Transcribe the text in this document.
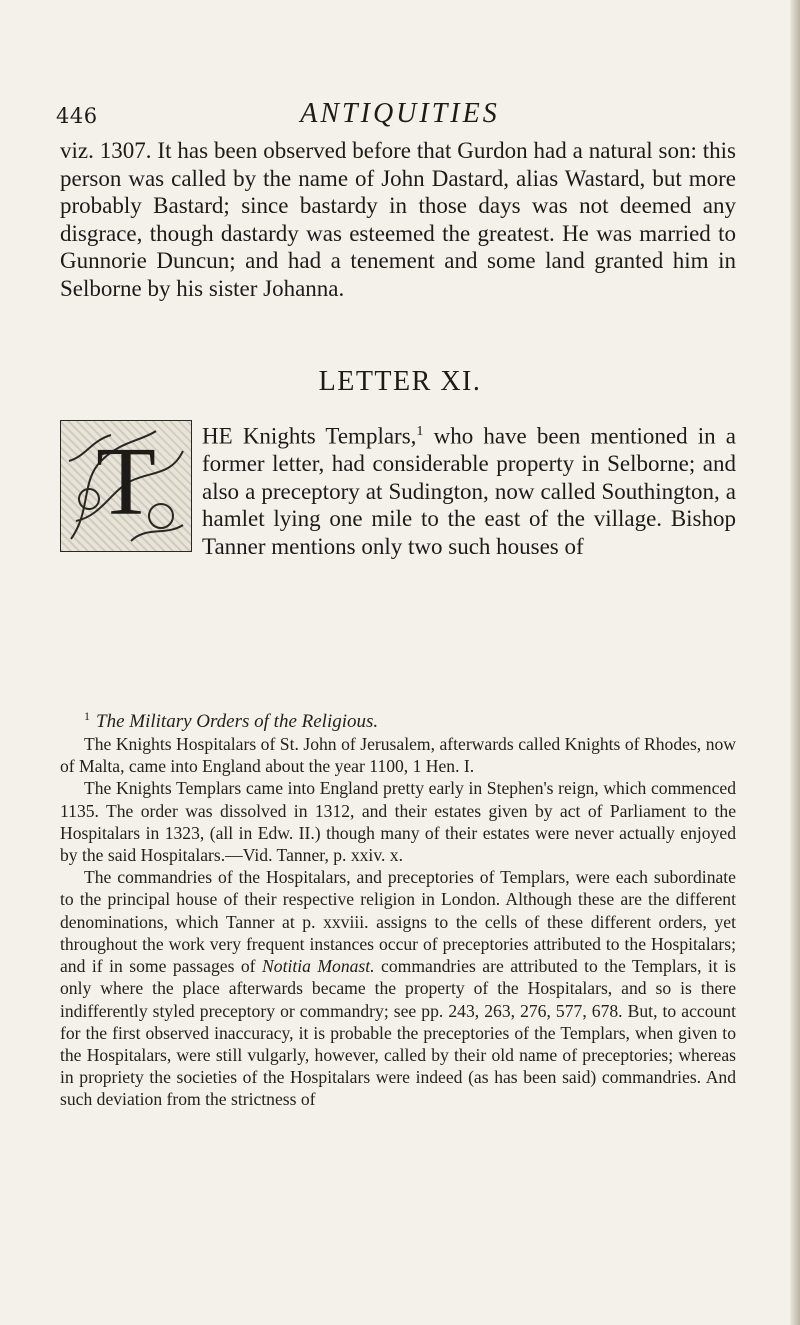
446	ANTIQUITIES

viz. 1307. It has been observed before that Gurdon had a natural son: this person was called by the name of John Dastard, alias Wastard, but more probably Bastard; since bastardy in those days was not deemed any disgrace, though dastardy was esteemed the greatest. He was married to Gunnorie Duncun; and had a tenement and some land granted him in Selborne by his sister Johanna.

LETTER XI.
T	HE Knights Templars,$^1$ who have been mentioned in a former letter, had considerable property in Selborne; and also a preceptory at Sudington, now called Southington, a hamlet lying one mile to the east of the village. Bishop Tanner mentions only two such houses of
$^1$ The Military Orders of the Religious.
The Knights Hospitalars of St. John of Jerusalem, afterwards called Knights of Rhodes, now of Malta, came into England about the year 1100, 1 Hen. I.
The Knights Templars came into England pretty early in Stephen's reign, which commenced 1135. The order was dissolved in 1312, and their estates given by act of Parliament to the Hospitalars in 1323, (all in Edw. II.) though many of their estates were never actually enjoyed by the said Hospitalars.—Vid. Tanner, p. xxiv. x.
The commandries of the Hospitalars, and preceptories of Templars, were each subordinate to the principal house of their respective religion in London. Although these are the different denominations, which Tanner at p. xxviii. assigns to the cells of these different orders, yet throughout the work very frequent instances occur of preceptories attributed to the Hospitalars; and if in some passages of Notitia Monast. commandries are attributed to the Templars, it is only where the place afterwards became the property of the Hospitalars, and so is there indifferently styled preceptory or commandry; see pp. 243, 263, 276, 577, 678. But, to account for the first observed inaccuracy, it is probable the preceptories of the Templars, when given to the Hospitalars, were still vulgarly, however, called by their old name of preceptories; whereas in propriety the societies of the Hospitalars were indeed (as has been said) commandries. And such deviation from the strictness of
